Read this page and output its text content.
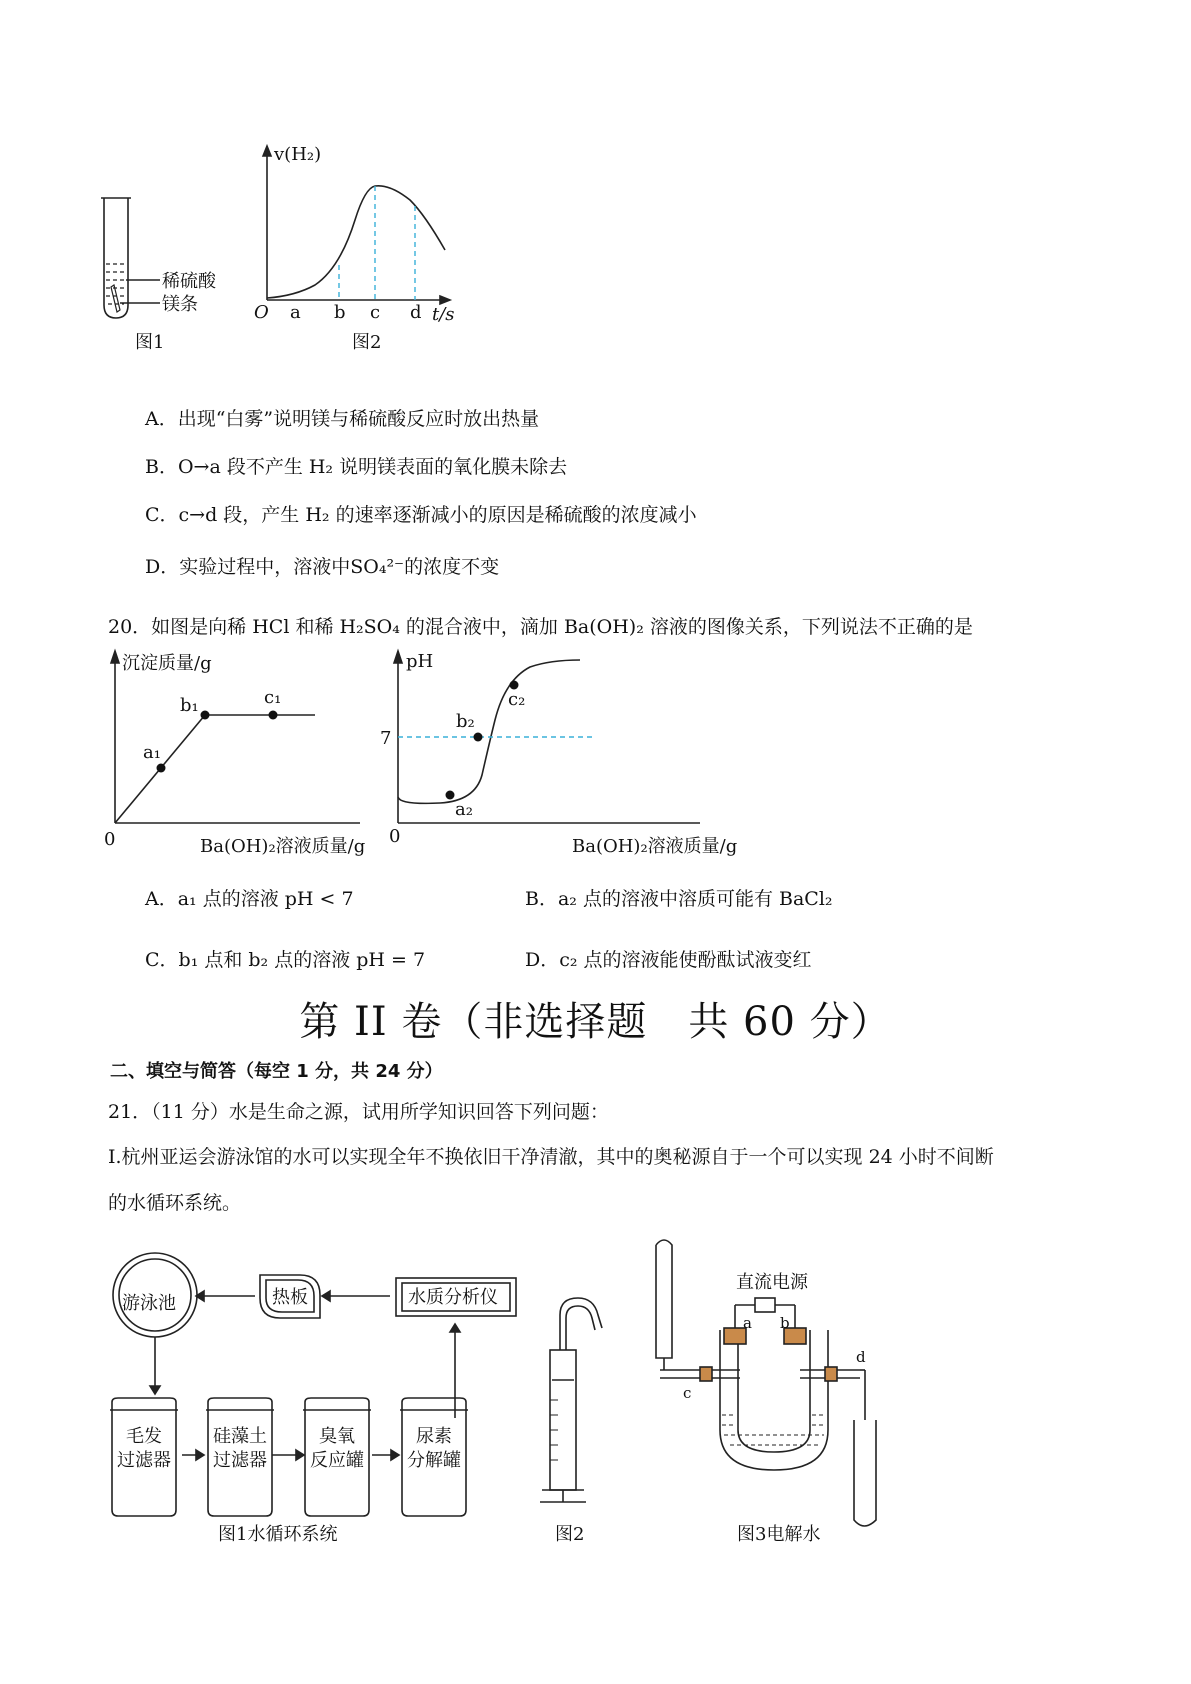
稀硫酸
镁条
图1
v(H₂)
O a b c d t/s
图2
A．出现“白雾”说明镁与稀硫酸反应时放出热量
B．O→a 段不产生 H₂ 说明镁表面的氧化膜未除去
C．c→d 段，产生 H₂ 的速率逐渐减小的原因是稀硫酸的浓度减小
D．实验过程中，溶液中SO₄²⁻的浓度不变
20．如图是向稀 HCl 和稀 H₂SO₄ 的混合液中，滴加 Ba(OH)₂ 溶液的图像关系，下列说法不正确的是
沉淀质量/g
a₁
b₁	c₁
0	Ba(OH)₂溶液质量/g
pH
7
a₂
b₂
c₂
0	Ba(OH)₂溶液质量/g
A．a₁ 点的溶液 pH < 7	B．a₂ 点的溶液中溶质可能有 BaCl₂
C．b₁ 点和 b₂ 点的溶液 pH = 7	D．c₂ 点的溶液能使酚酞试液变红
第 II 卷（非选择题　共 60 分）
二、填空与简答（每空 1 分，共 24 分）
21．（11 分）水是生命之源，试用所学知识回答下列问题：
I.杭州亚运会游泳馆的水可以实现全年不换依旧干净清澈，其中的奥秘源自于一个可以实现 24 小时不间断
的水循环系统。
游泳池	热板	水质分析仪
毛发
过滤器
硅藻土
过滤器
臭氧
反应罐
尿素
分解罐
图1水循环系统	图2
直流电源
a b
c
d
图3电解水
